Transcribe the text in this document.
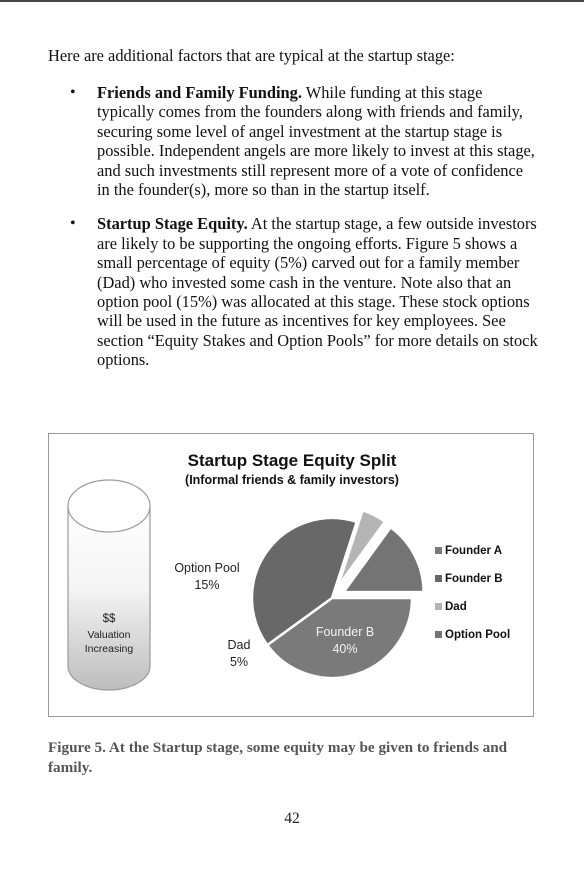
Here are additional factors that are typical at the startup stage:
• Friends and Family Funding. While funding at this stage typically comes from the founders along with friends and family, securing some level of angel investment at the startup stage is possible. Independent angels are more likely to invest at this stage, and such investments still represent more of a vote of confidence in the founder(s), more so than in the startup itself.
• Startup Stage Equity. At the startup stage, a few outside investors are likely to be supporting the ongoing efforts. Figure 5 shows a small percentage of equity (5%) carved out for a family member (Dad) who invested some cash in the venture. Note also that an option pool (15%) was allocated at this stage. These stock options will be used in the future as incentives for key employees. See section “Equity Stakes and Option Pools” for more details on stock options.
$$
Valuation
Increasing
Startup Stage Equity Split
(Informal friends & family investors)
Founder B
40%
Dad
5%
Option Pool
15%
Founder A
Founder B
Dad
Option Pool
Figure 5. At the Startup stage, some equity may be given to friends and family.
42
